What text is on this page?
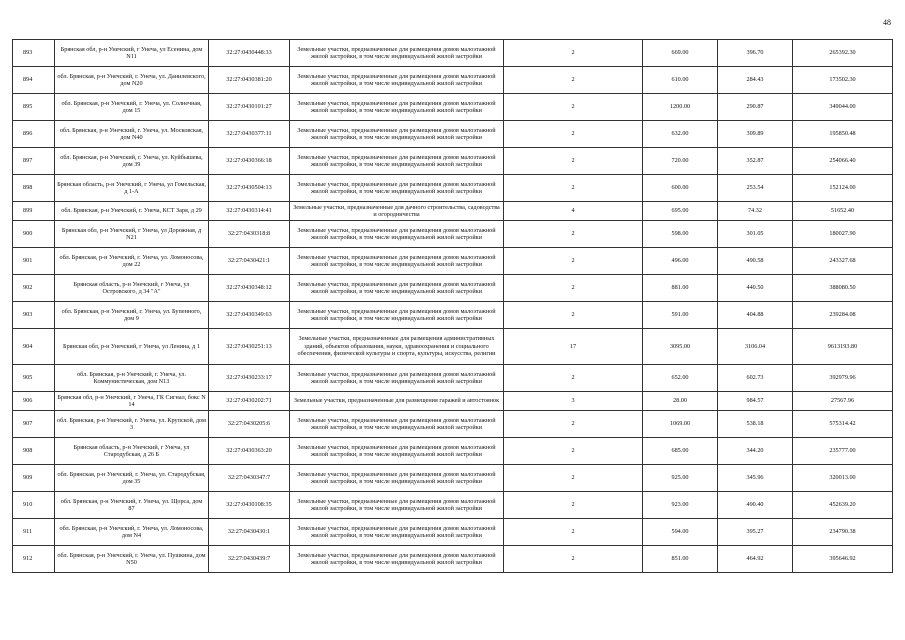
48
893	Брянская обл, р-н Унечский, г Унеча, ул Есенина, дом N11	32:27:0430448:33	Земельные участки, предназначенные для размещения домов малоэтажной жилой застройки, в том числе индивидуальной жилой застройки	2	669.00	396.70	265392.30
894	обл. Брянская, р-н Унечский, г. Унеча, ул. Данилевского, дом N20	32:27:0430381:20	Земельные участки, предназначенные для размещения домов малоэтажной жилой застройки, в том числе индивидуальной жилой застройки	2	610.00	284.43	173502.30
895	обл. Брянская, р-н Унечский, г. Унеча, ул. Солнечная, дом 15	32:27:0430101:27	Земельные участки, предназначенные для размещения домов малоэтажной жилой застройки, в том числе индивидуальной жилой застройки	2	1200.00	290.87	349044.00
896	обл. Брянская, р-н Унечский, г. Унеча, ул. Московская, дом N40	32:27:0430377:11	Земельные участки, предназначенные для размещения домов малоэтажной жилой застройки, в том числе индивидуальной жилой застройки	2	632.00	309.89	195850.48
897	обл. Брянская, р-н Унечский, г. Унеча, ул. Куйбышева, дом 39	32:27:0430366:18	Земельные участки, предназначенные для размещения домов малоэтажной жилой застройки, в том числе индивидуальной жилой застройки	2	720.00	352.87	254066.40
898	Брянская область, р-н Унечский, г Унеча, ул Гомельская, д 1-А	32:27:0430504:13	Земельные участки, предназначенные для размещения домов малоэтажной жилой застройки, в том числе индивидуальной жилой застройки	2	600.00	253.54	152124.00
899	обл. Брянская, р-н Унечский, г. Унеча, КСТ Заря, д 29	32:27:0430314:41	Земельные участки, предназначенные для дачного строительства, садоводства и огородничества	4	695.00	74.32	51652.40
900	Брянская обл, р-н Унечский, г Унеча, ул Дорожная, д N21	32:27:0430318:8	Земельные участки, предназначенные для размещения домов малоэтажной жилой застройки, в том числе индивидуальной жилой застройки	2	598.00	301.05	180027.90
901	обл. Брянская, р-н Унечский, г. Унеча, ул. Ломоносова, дом 22	32:27:0430421:1	Земельные участки, предназначенные для размещения домов малоэтажной жилой застройки, в том числе индивидуальной жилой застройки	2	496.00	490.58	243327.68
902	Брянская область, р-н Унечский, г Унеча, ул Островского, д 34 "А"	32:27:0430348:12	Земельные участки, предназначенные для размещения домов малоэтажной жилой застройки, в том числе индивидуальной жилой застройки	2	881.00	440.50	388080.50
903	обл. Брянская, р-н Унечский, г. Унеча, ул. Бупенного, дом 9	32:27:0430349:63	Земельные участки, предназначенные для размещения домов малоэтажной жилой застройки, в том числе индивидуальной жилой застройки	2	591.00	404.88	239284.08
904	Брянская обл, р-н Унечский, г Унеча, ул Ленина, д 1	32:27:0430251:13	Земельные участки, предназначенные для размещения административных зданий, объектов образования, науки, здравоохранения и социального обеспечения, физической культуры и спорта, культуры, искусства, религии	17	3095.00	3106.04	9613193.80
905	обл. Брянская, р-н Унечский, г. Унеча, ул. Коммунистическая, дом N13	32:27:0430233:17	Земельные участки, предназначенные для размещения домов малоэтажной жилой застройки, в том числе индивидуальной жилой застройки	2	652.00	602.73	392979.96
906	Брянская обл, р-н Унечский, г Унеча, ГК Сигнал, бокс N 14	32:27:0430202:71	Земельные участки, предназначенные для размещения гаражей и автостоянок	3	28.00	984.57	27567.96
907	обл. Брянская, р-н Унечский, г. Унеча, ул. Крупской, дом 3	32:27:0430205:6	Земельные участки, предназначенные для размещения домов малоэтажной жилой застройки, в том числе индивидуальной жилой застройки	2	1069.00	538.18	575314.42
908	Брянская область, р-н Унечский, г Унеча, ул Стародубская, д 26 Б	32:27:0430363:20	Земельные участки, предназначенные для размещения домов малоэтажной жилой застройки, в том числе индивидуальной жилой застройки	2	685.00	344.20	235777.00
909	обл. Брянская, р-н Унечский, г. Унеча, ул. Стародубская, дом 35	32:27:0430347:7	Земельные участки, предназначенные для размещения домов малоэтажной жилой застройки, в том числе индивидуальной жилой застройки	2	925.00	345.96	320013.00
910	обл. Брянская, р-н Унечский, г. Унеча, ул. Щорса, дом 87	32:27:0430108:35	Земельные участки, предназначенные для размещения домов малоэтажной жилой застройки, в том числе индивидуальной жилой застройки	2	923.00	490.40	452639.20
911	обл. Брянская, р-н Унечский, г. Унеча, ул. Ломоносова, дом N4	32:27:0430430:1	Земельные участки, предназначенные для размещения домов малоэтажной жилой застройки, в том числе индивидуальной жилой застройки	2	594.00	395.27	234790.38
912	обл. Брянская, р-н Унечский, г. Унеча, ул. Пушкина, дом N50	32:27:0430439:7	Земельные участки, предназначенные для размещения домов малоэтажной жилой застройки, в том числе индивидуальной жилой застройки	2	851.00	464.92	395646.92
